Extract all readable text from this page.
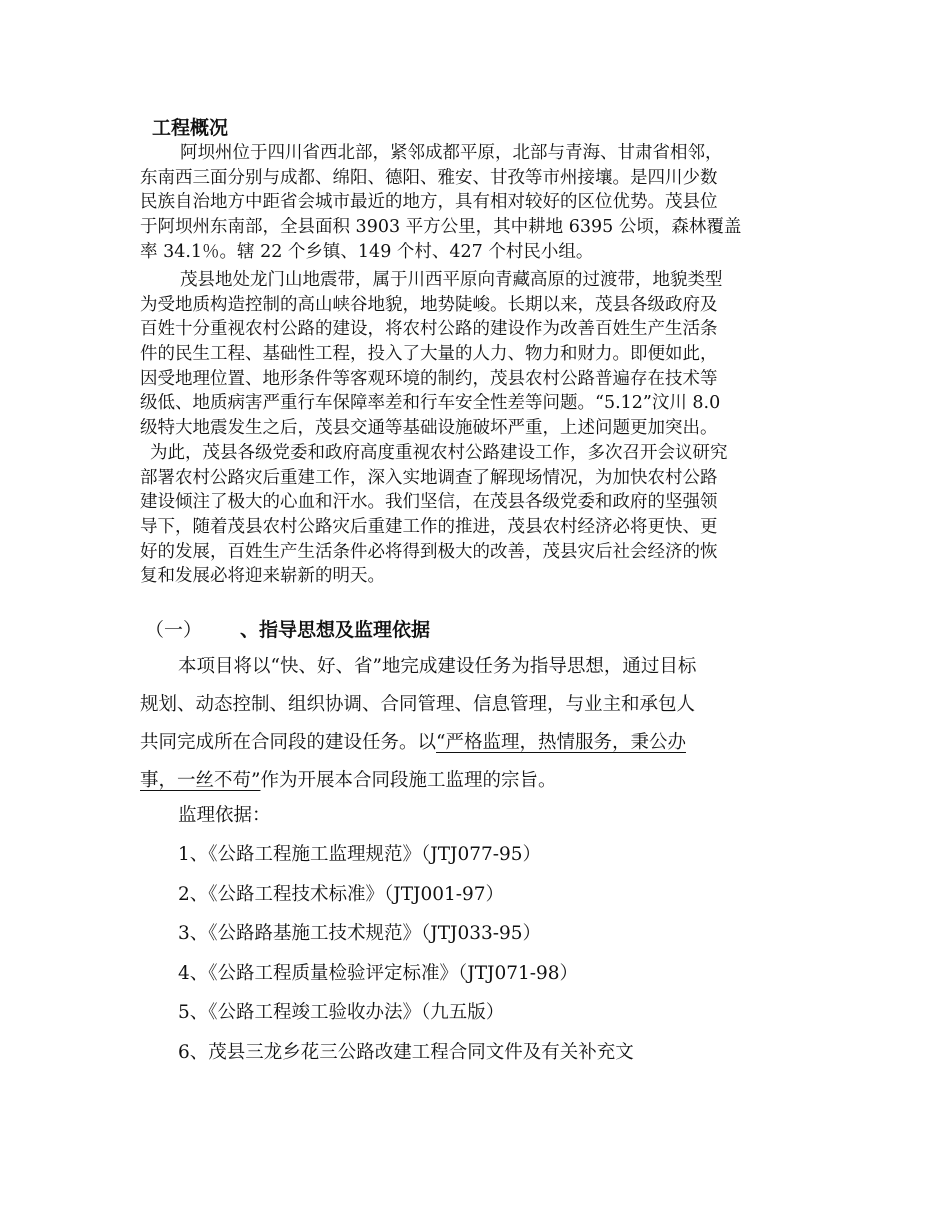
工程概况
阿坝州位于四川省西北部，紧邻成都平原，北部与青海、甘肃省相邻，
东南西三面分别与成都、绵阳、德阳、雅安、甘孜等市州接壤。是四川少数
民族自治地方中距省会城市最近的地方，具有相对较好的区位优势。茂县位
于阿坝州东南部，全县面积 3903 平方公里，其中耕地 6395 公顷，森林覆盖
率 34.1％。辖 22 个乡镇、149 个村、427 个村民小组。
茂县地处龙门山地震带，属于川西平原向青藏高原的过渡带，地貌类型
为受地质构造控制的高山峡谷地貌，地势陡峻。长期以来，茂县各级政府及
百姓十分重视农村公路的建设，将农村公路的建设作为改善百姓生产生活条
件的民生工程、基础性工程，投入了大量的人力、物力和财力。即便如此，
因受地理位置、地形条件等客观环境的制约，茂县农村公路普遍存在技术等
级低、地质病害严重行车保障率差和行车安全性差等问题。“5.12”汶川 8.0
级特大地震发生之后，茂县交通等基础设施破坏严重，上述问题更加突出。
为此，茂县各级党委和政府高度重视农村公路建设工作，多次召开会议研究
部署农村公路灾后重建工作，深入实地调查了解现场情况，为加快农村公路
建设倾注了极大的心血和汗水。我们坚信，在茂县各级党委和政府的坚强领
导下，随着茂县农村公路灾后重建工作的推进，茂县农村经济必将更快、更
好的发展，百姓生产生活条件必将得到极大的改善，茂县灾后社会经济的恢
复和发展必将迎来崭新的明天。
（一） 、指导思想及监理依据
本项目将以“快、好、省”地完成建设任务为指导思想，通过目标
规划、动态控制、组织协调、合同管理、信息管理，与业主和承包人
共同完成所在合同段的建设任务。以“严格监理，热情服务，秉公办
事，一丝不苟”作为开展本合同段施工监理的宗旨。
监理依据：
1、《公路工程施工监理规范》（JTJ077-95）
2、《公路工程技术标准》（JTJ001-97）
3、《公路路基施工技术规范》（JTJ033-95）
4、《公路工程质量检验评定标准》（JTJ071-98）
5、《公路工程竣工验收办法》（九五版）
6、茂县三龙乡花三公路改建工程合同文件及有关补充文
